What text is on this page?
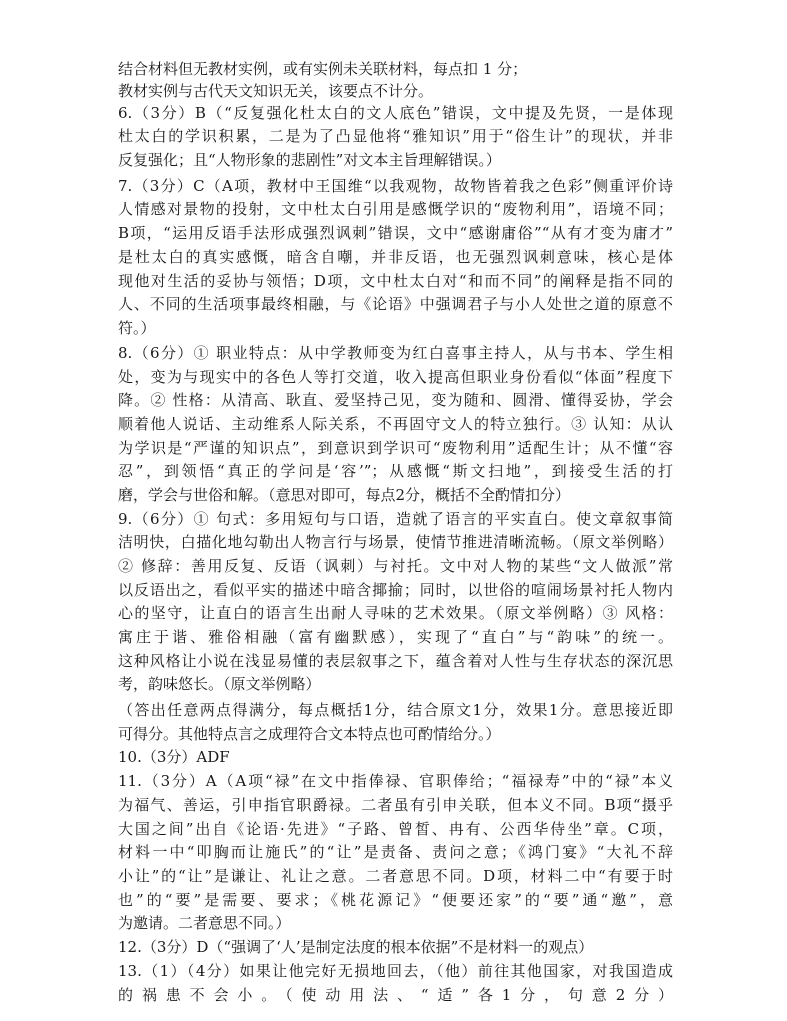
结合材料但无教材实例，或有实例未关联材料，每点扣 1 分；
教材实例与古代天文知识无关，该要点不计分。
6.（3分）B（“反复强化杜太白的文人底色”错误，文中提及先贤，一是体现
杜太白的学识积累，二是为了凸显他将“雅知识”用于“俗生计”的现状，并非
反复强化；且“人物形象的悲剧性”对文本主旨理解错误。）
7.（3分）C（A项，教材中王国维“以我观物，故物皆着我之色彩”侧重评价诗
人情感对景物的投射，文中杜太白引用是感慨学识的“废物利用”，语境不同；
B项，“运用反语手法形成强烈讽刺”错误，文中“感谢庸俗”“从有才变为庸才”
是杜太白的真实感慨，暗含自嘲，并非反语，也无强烈讽刺意味，核心是体
现他对生活的妥协与领悟；D项，文中杜太白对“和而不同”的阐释是指不同的
人、不同的生活项事最终相融，与《论语》中强调君子与小人处世之道的原意不
符。）
8.（6分）① 职业特点：从中学教师变为红白喜事主持人，从与书本、学生相
处，变为与现实中的各色人等打交道，收入提高但职业身份看似“体面”程度下
降。② 性格：从清高、耿直、爱坚持己见，变为随和、圆滑、懂得妥协，学会
顺着他人说话、主动维系人际关系，不再固守文人的特立独行。③ 认知：从认
为学识是“严谨的知识点”，到意识到学识可“废物利用”适配生计；从不懂“容
忍”，到领悟“真正的学问是‘容’”；从感慨“斯文扫地”，到接受生活的打
磨，学会与世俗和解。（意思对即可，每点2分，概括不全酌情扣分）
9.（6分）① 句式：多用短句与口语，造就了语言的平实直白。使文章叙事简
洁明快，白描化地勾勒出人物言行与场景，使情节推进清晰流畅。（原文举例略）
② 修辞：善用反复、反语（讽刺）与衬托。文中对人物的某些“文人做派”常
以反语出之，看似平实的描述中暗含揶揄；同时，以世俗的喧闹场景衬托人物内
心的坚守，让直白的语言生出耐人寻味的艺术效果。（原文举例略）③ 风格：
寓庄于谐、雅俗相融（富有幽默感），实现了“直白”与“韵味”的统一。
这种风格让小说在浅显易懂的表层叙事之下，蕴含着对人性与生存状态的深沉思
考，韵味悠长。（原文举例略）
（答出任意两点得满分，每点概括1分，结合原文1分，效果1分。意思接近即
可得分。其他特点言之成理符合文本特点也可酌情给分。）
10.（3分）ADF
11.（3分）A（A项“禄”在文中指俸禄、官职俸给；“福禄寿”中的“禄”本义
为福气、善运，引申指官职爵禄。二者虽有引申关联，但本义不同。B项“摄乎
大国之间”出自《论语·先进》“子路、曾皙、冉有、公西华侍坐”章。C项，
材料一中“叩胸而让施氏”的“让”是责备、责问之意；《鸿门宴》“大礼不辞
小让”的“让”是谦让、礼让之意。二者意思不同。D项，材料二中“有要于时
也”的“要”是需要、要求；《桃花源记》“便要还家”的“要”通“邀”，意
为邀请。二者意思不同。）
12.（3分）D（“强调了‘人’是制定法度的根本依据”不是材料一的观点）
13.（1）（4分）如果让他完好无损地回去，（他）前往其他国家，对我国造成
的祸患不会小。（使动用法、“适”各1分，句意2分）
